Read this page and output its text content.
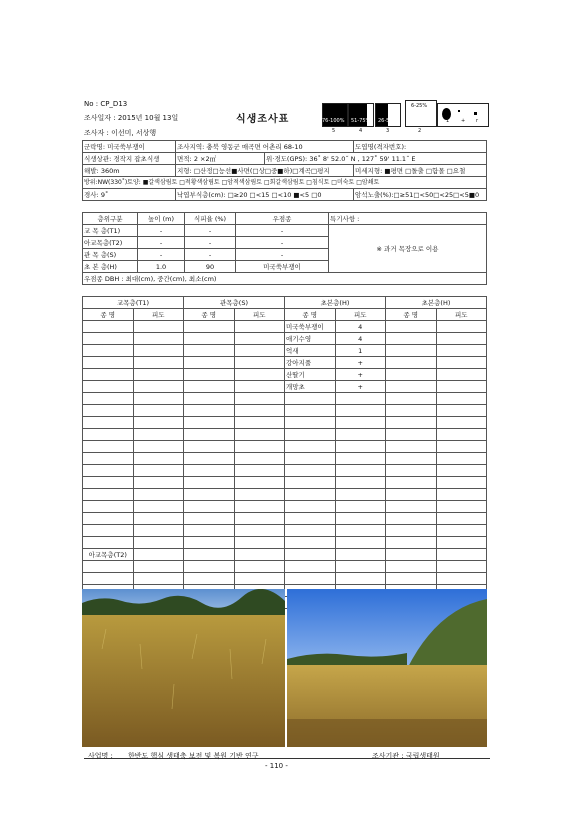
No : CP_D13
조사일자 : 2015년 10월 13일	식생조사표
조사자 : 이선미, 서상행
76-100% 51-75% 26-50%
6-25%
5	4	3	2
1 + r
군락명: 미국쑥부쟁이	조사지역: 충북 영동군 매곡면 어촌리 68-10		도엽명(격자번호):
식생상관: 경작지 잡초식생	면적: 2 ×2㎡	위·경도(GPS): 36˚ 8' 52.0˝ N , 127˚ 59' 11.1˝ E	
해발: 360m	지형: □산정□능선■사면(□상□중■하)□계곡□평지		미세지형: ■평면 □돌출 □함몰 □요철
방위:NW(330˚)토양: ■갈색삼림토 □적황색삼림토 □암적색삼림토 □회갈색삼림토 □침식토 □미숙토 □암쇄토			
경사: 9˚	낙엽부식층(cm): □≥20 □<15 □<10 ■<5 □0		암석노출(%):□≥51□<50□<25□<5■0
층위구분	높이 (m)	식피율 (%)	우점종	특기사항 :
교 목 층(T1)	-	-	-	※ 과거 목장으로 이용
아교목층(T2)	-	-	-	
관 목 층(S)	-	-	-	
초 본 층(H)	1.0	90	미국쑥부쟁이	
우점종 DBH : 최대(cm), 중간(cm), 최소(cm)				
교목층(T1)		관목층(S)		초본층(H)		초본층(H)	
종 명	피도	종 명	피도	종 명	피도	종 명	피도
				미국쑥부쟁이	4		
				애기수영	4		
				억새	1		
				강아지풀	+		
				산딸기	+		
				개망초	+		

아교목층(T2)							

사업명 : 한반도 핵심 생태축 보전 및 복원 기반 연구	조사기관 : 국립생태원
- 110 -
